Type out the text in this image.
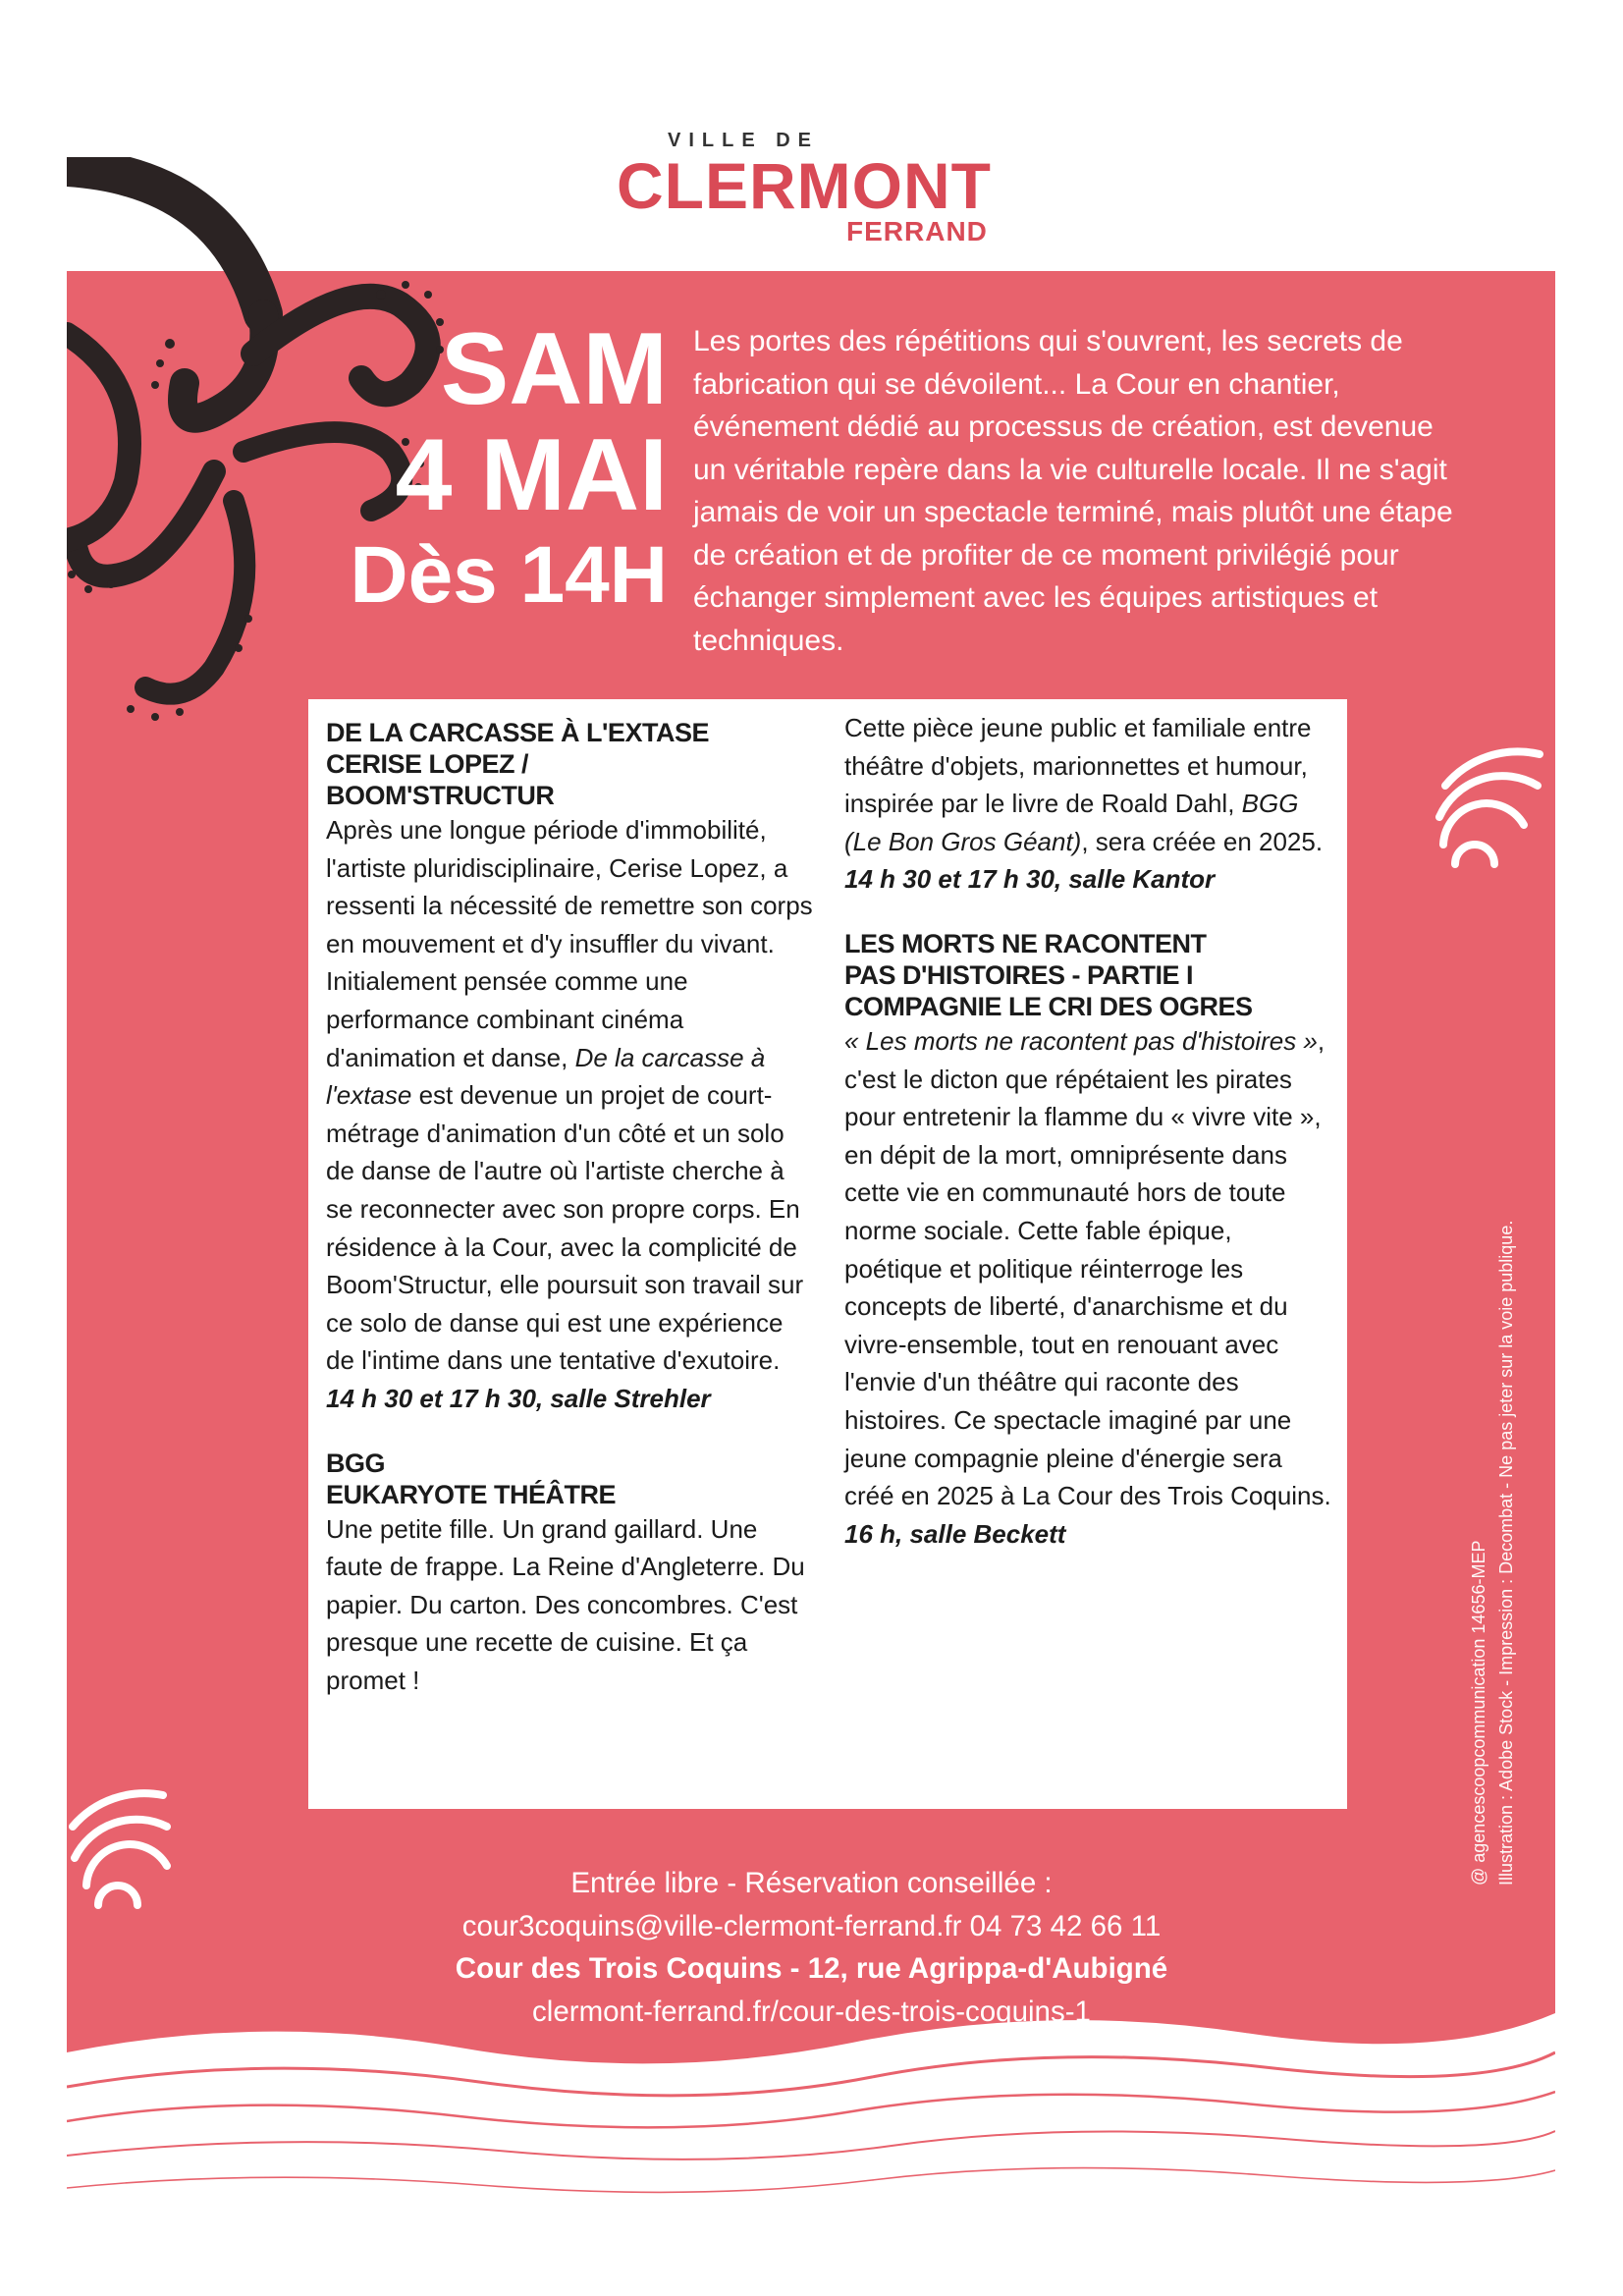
VILLE DE
CLERMONT
FERRAND
SAM
4 MAI
Dès 14H
Les portes des répétitions qui s'ouvrent, les secrets de fabrication qui se dévoilent... La Cour en chantier, événement dédié au processus de création, est devenue un véritable repère dans la vie culturelle locale. Il ne s'agit jamais de voir un spectacle terminé, mais plutôt une étape de création et de profiter de ce moment privilégié pour échanger simplement avec les équipes artistiques et techniques.
DE LA CARCASSE À L'EXTASE
CERISE LOPEZ /
BOOM'STRUCTUR

Après une longue période d'immobilité, l'artiste pluridisciplinaire, Cerise Lopez, a ressenti la nécessité de remettre son corps en mouvement et d'y insuffler du vivant. Initialement pensée comme une performance combinant cinéma d'animation et danse, De la carcasse à l'extase est devenue un projet de court-métrage d'animation d'un côté et un solo de danse de l'autre où l'artiste cherche à se reconnecter avec son propre corps. En résidence à la Cour, avec la complicité de Boom'Structur, elle poursuit son travail sur ce solo de danse qui est une expérience de l'intime dans une tentative d'exutoire.

14 h 30 et 17 h 30, salle Strehler

BGG
EUKARYOTE THÉÂTRE

Une petite fille. Un grand gaillard. Une faute de frappe. La Reine d'Angleterre. Du papier. Du carton. Des concombres. C'est presque une recette de cuisine. Et ça promet !

Cette pièce jeune public et familiale entre théâtre d'objets, marionnettes et humour, inspirée par le livre de Roald Dahl, BGG (Le Bon Gros Géant), sera créée en 2025.

14 h 30 et 17 h 30, salle Kantor

LES MORTS NE RACONTENT
PAS D'HISTOIRES - PARTIE I
COMPAGNIE LE CRI DES OGRES

« Les morts ne racontent pas d'histoires », c'est le dicton que répétaient les pirates pour entretenir la flamme du « vivre vite », en dépit de la mort, omniprésente dans cette vie en communauté hors de toute norme sociale. Cette fable épique, poétique et politique réinterroge les concepts de liberté, d'anarchisme et du vivre-ensemble, tout en renouant avec l'envie d'un théâtre qui raconte des histoires. Ce spectacle imaginé par une jeune compagnie pleine d'énergie sera créé en 2025 à La Cour des Trois Coquins.

16 h, salle Beckett

Entrée libre - Réservation conseillée :
cour3coquins@ville-clermont-ferrand.fr 04 73 42 66 11
Cour des Trois Coquins - 12, rue Agrippa-d'Aubigné
clermont-ferrand.fr/cour-des-trois-coquins-1
@ agencescoopcommunication 14656-MEP Illustration : Adobe Stock - Impression : Decombat - Ne pas jeter sur la voie publique.
